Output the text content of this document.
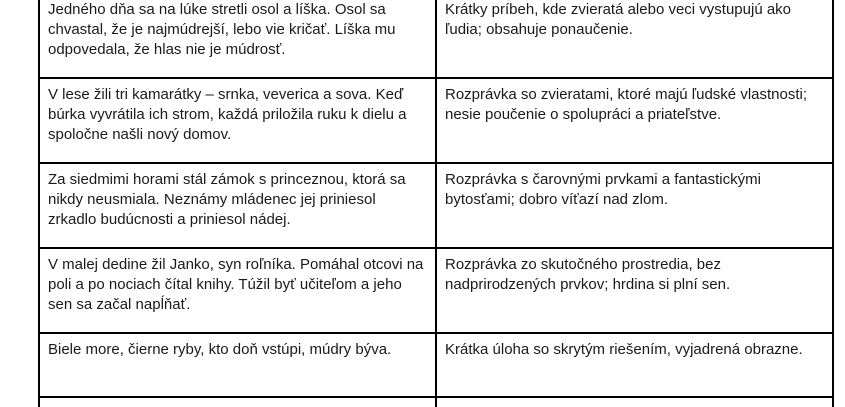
Jedného dňa sa na lúke stretli osol a líška. Osol sa chvastal, že je najmúdrejší, lebo vie kričať. Líška mu odpovedala, že hlas nie je múdrosť.	Krátky príbeh, kde zvieratá alebo veci vystupujú ako ľudia; obsahuje ponaučenie.
V lese žili tri kamarátky – srnka, veverica a sova. Keď búrka vyvrátila ich strom, každá priložila ruku k dielu a spoločne našli nový domov.	Rozprávka so zvieratami, ktoré majú ľudské vlastnosti; nesie poučenie o spolupráci a priateľstve.
Za siedmimi horami stál zámok s princeznou, ktorá sa nikdy neusmiala. Neznámy mládenec jej priniesol zrkadlo budúcnosti a priniesol nádej.	Rozprávka s čarovnými prvkami a fantastickými bytosťami; dobro víťazí nad zlom.
V malej dedine žil Janko, syn roľníka. Pomáhal otcovi na poli a po nociach čítal knihy. Túžil byť učiteľom a jeho sen sa začal napĺňať.	Rozprávka zo skutočného prostredia, bez nadprirodzených prvkov; hrdina si plní sen.
Biele more, čierne ryby, kto doň vstúpi, múdry býva.	Krátka úloha so skrytým riešením, vyjadrená obrazne.
